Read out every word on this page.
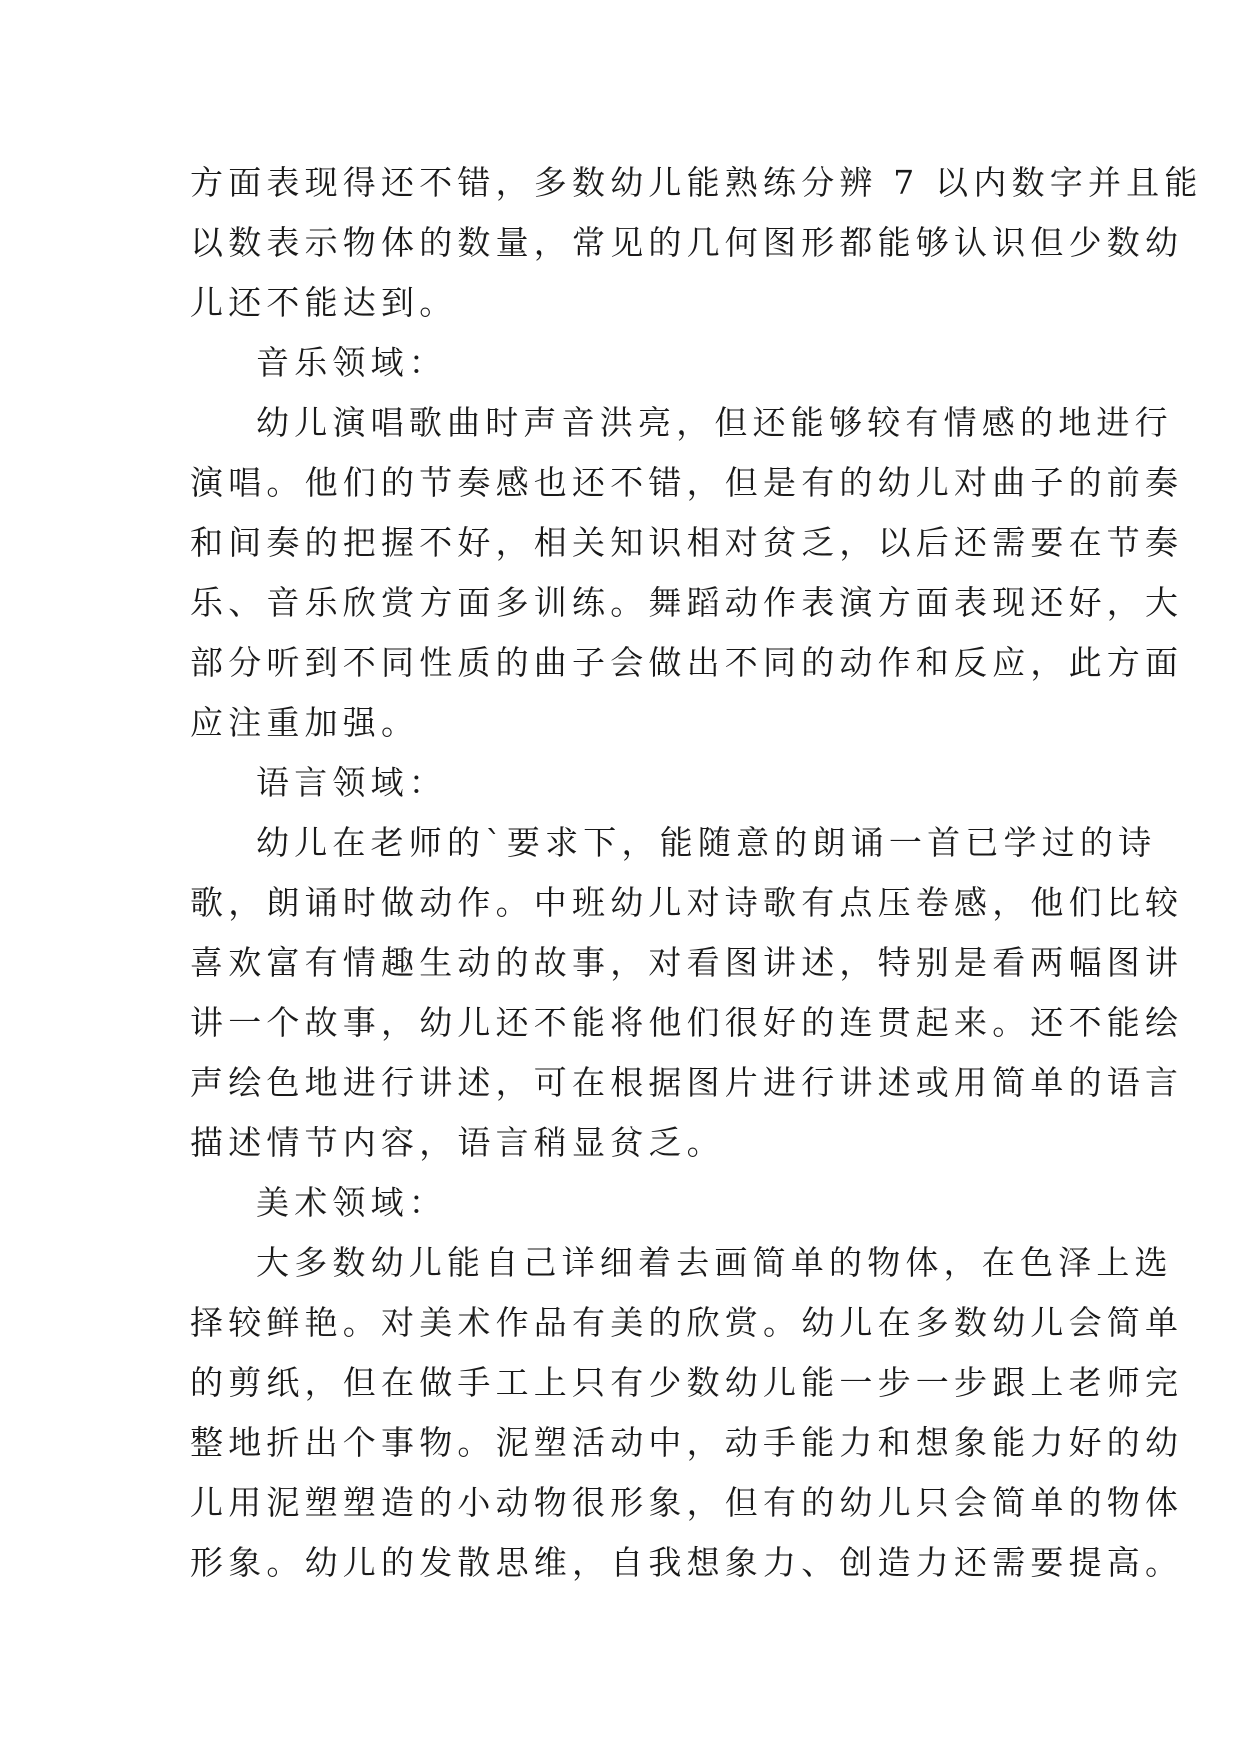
方面表现得还不错，多数幼儿能熟练分辨 7 以内数字并且能

以数表示物体的数量，常见的几何图形都能够认识但少数幼

儿还不能达到。

音乐领域：

幼儿演唱歌曲时声音洪亮，但还能够较有情感的地进行

演唱。他们的节奏感也还不错，但是有的幼儿对曲子的前奏

和间奏的把握不好，相关知识相对贫乏，以后还需要在节奏

乐、音乐欣赏方面多训练。舞蹈动作表演方面表现还好，大

部分听到不同性质的曲子会做出不同的动作和反应，此方面

应注重加强。

语言领域：

幼儿在老师的`要求下，能随意的朗诵一首已学过的诗

歌，朗诵时做动作。中班幼儿对诗歌有点压卷感，他们比较

喜欢富有情趣生动的故事，对看图讲述，特别是看两幅图讲

讲一个故事，幼儿还不能将他们很好的连贯起来。还不能绘

声绘色地进行讲述，可在根据图片进行讲述或用简单的语言

描述情节内容，语言稍显贫乏。

美术领域：

大多数幼儿能自己详细着去画简单的物体，在色泽上选

择较鲜艳。对美术作品有美的欣赏。幼儿在多数幼儿会简单

的剪纸，但在做手工上只有少数幼儿能一步一步跟上老师完

整地折出个事物。泥塑活动中，动手能力和想象能力好的幼

儿用泥塑塑造的小动物很形象，但有的幼儿只会简单的物体

形象。幼儿的发散思维，自我想象力、创造力还需要提高。
